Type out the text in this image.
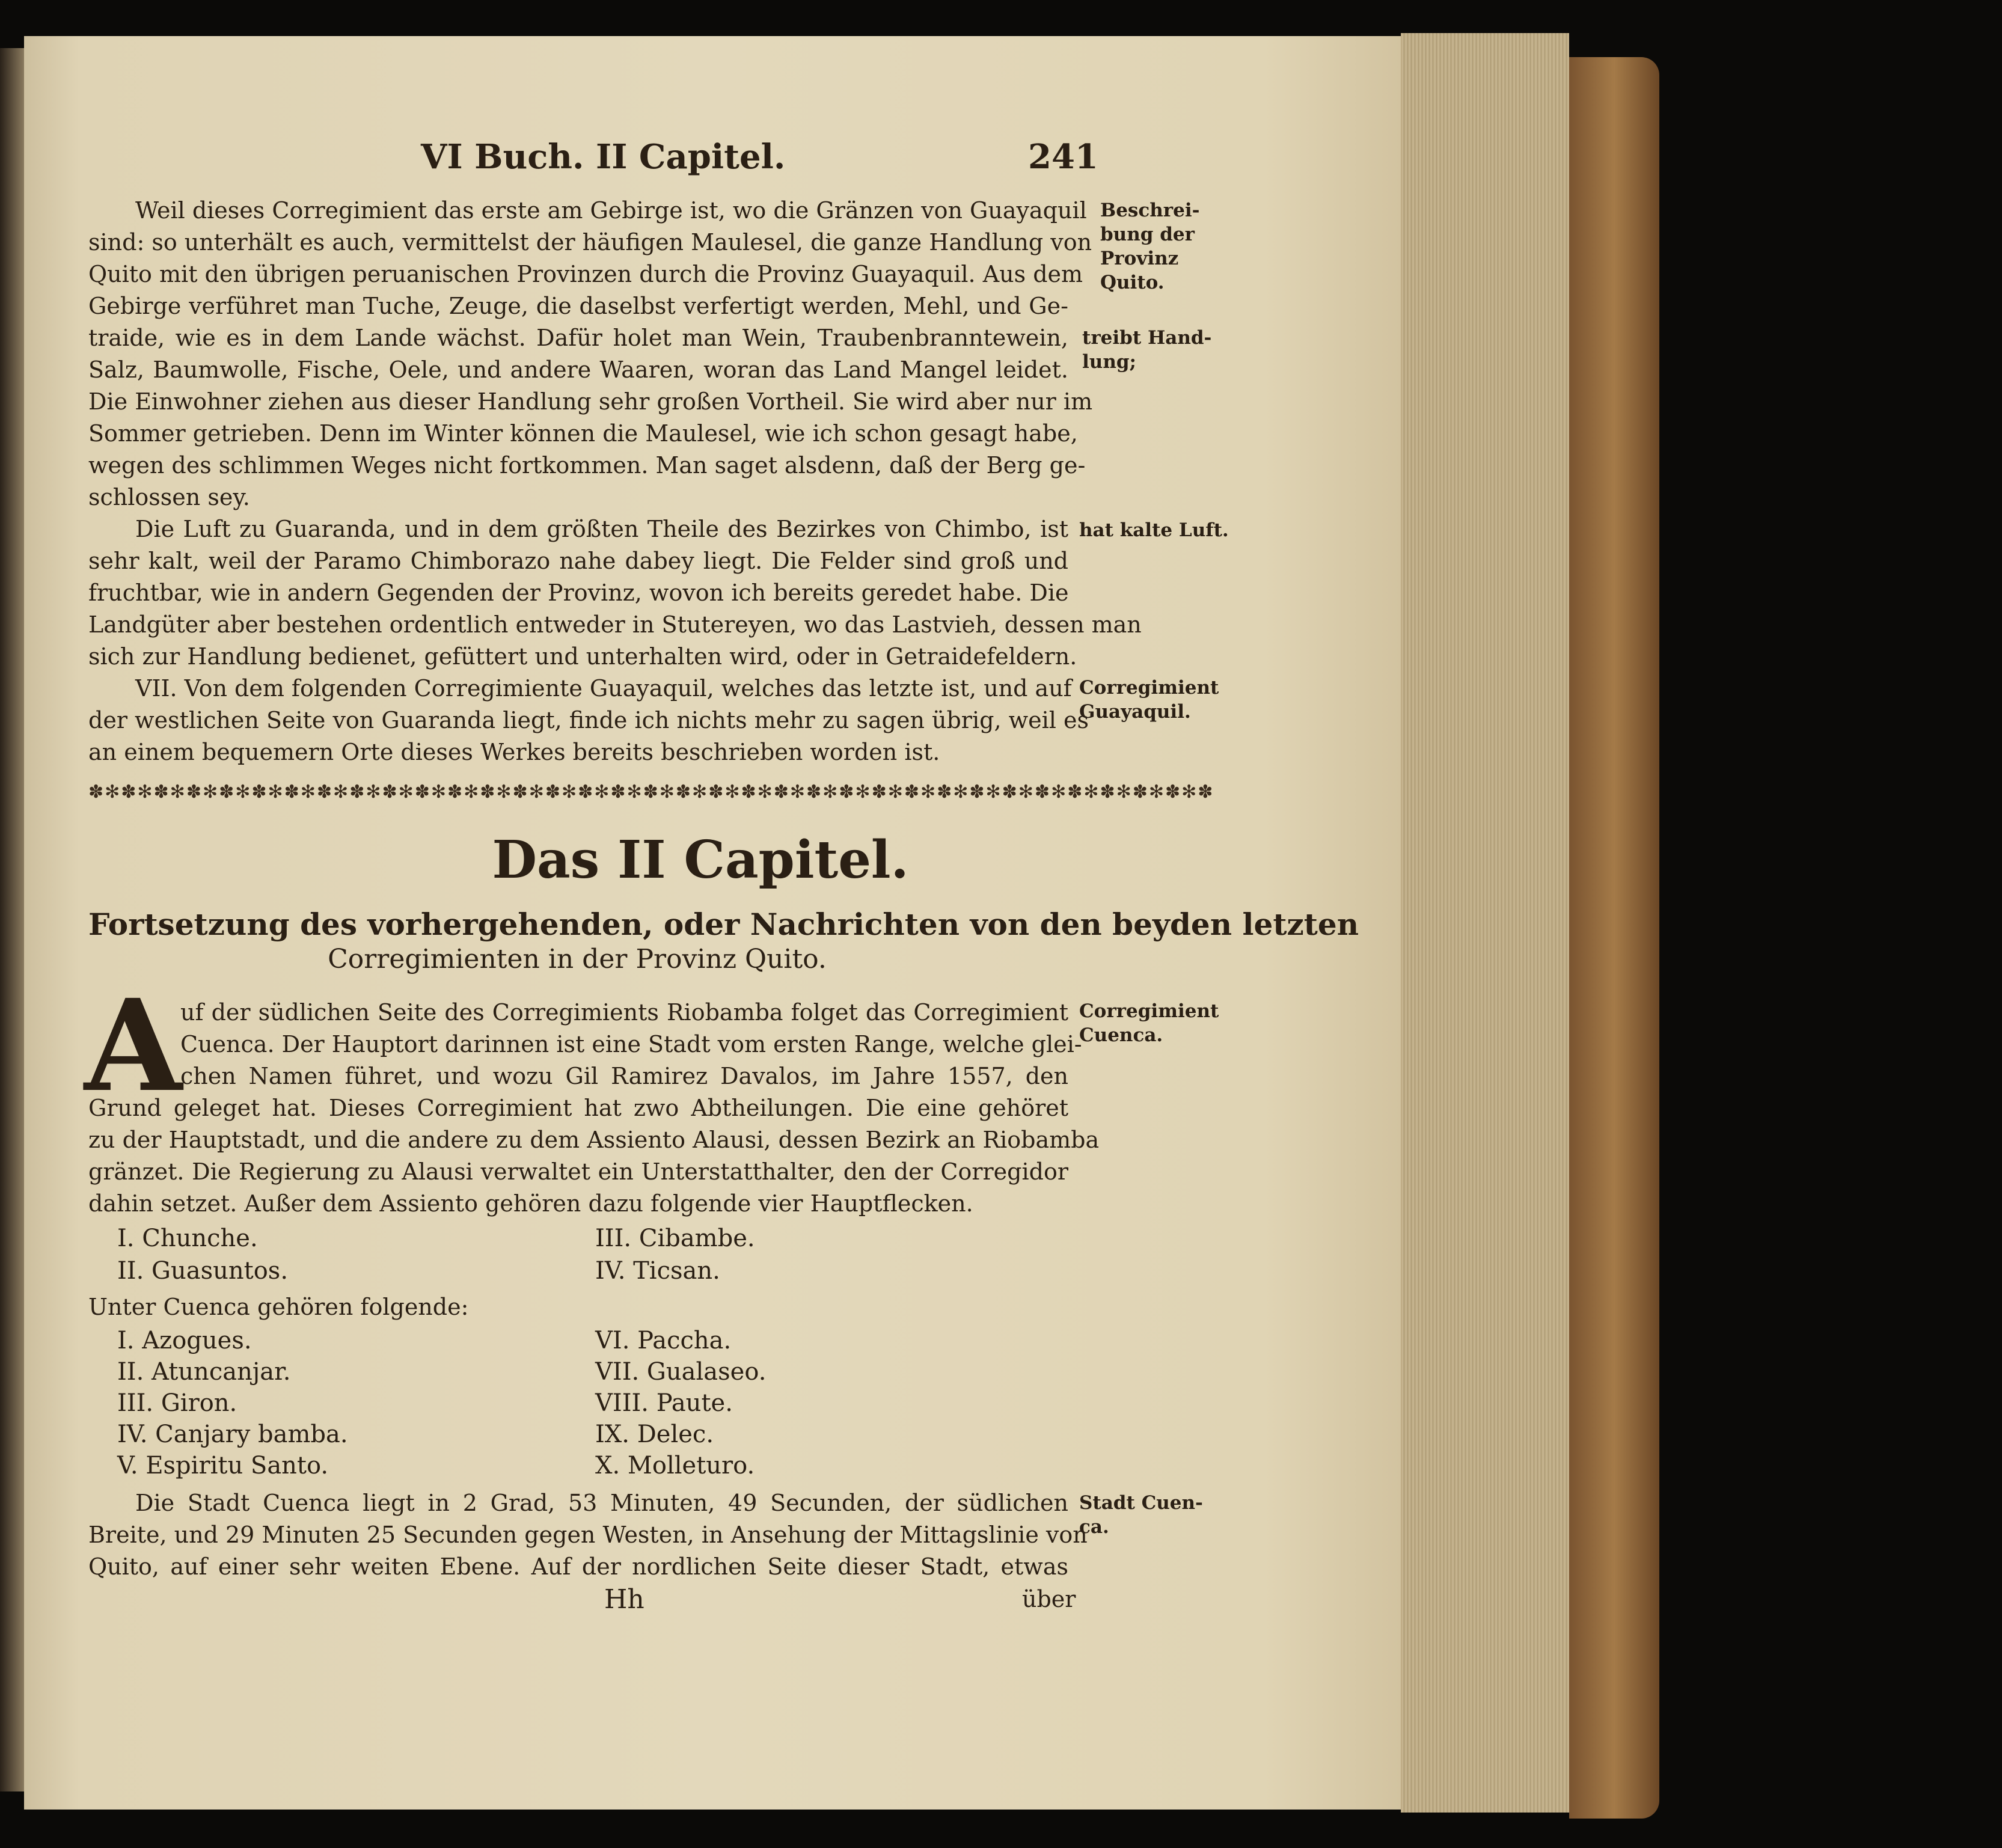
VI Buch. II Capitel.	241
Weil dieses Corregimient das erste am Gebirge ist, wo die Gränzen von Guayaquil
sind: so unterhält es auch, vermittelst der häufigen Maulesel, die ganze Handlung von
Quito mit den übrigen peruanischen Provinzen durch die Provinz Guayaquil. Aus dem
Gebirge verführet man Tuche, Zeuge, die daselbst verfertigt werden, Mehl, und Ge-
traide, wie es in dem Lande wächst. Dafür holet man Wein, Traubenbranntewein,
Salz, Baumwolle, Fische, Oele, und andere Waaren, woran das Land Mangel leidet.
Die Einwohner ziehen aus dieser Handlung sehr großen Vortheil. Sie wird aber nur im
Sommer getrieben. Denn im Winter können die Maulesel, wie ich schon gesagt habe,
wegen des schlimmen Weges nicht fortkommen. Man saget alsdenn, daß der Berg ge-
schlossen sey.
Die Luft zu Guaranda, und in dem größten Theile des Bezirkes von Chimbo, ist
sehr kalt, weil der Paramo Chimborazo nahe dabey liegt. Die Felder sind groß und
fruchtbar, wie in andern Gegenden der Provinz, wovon ich bereits geredet habe. Die
Landgüter aber bestehen ordentlich entweder in Stutereyen, wo das Lastvieh, dessen man
sich zur Handlung bedienet, gefüttert und unterhalten wird, oder in Getraidefeldern.
VII. Von dem folgenden Corregimiente Guayaquil, welches das letzte ist, und auf
der westlichen Seite von Guaranda liegt, finde ich nichts mehr zu sagen übrig, weil es
an einem bequemern Orte dieses Werkes bereits beschrieben worden ist.
Beschrei-
bung der
Provinz
Quito.
treibt Hand-
lung;
hat kalte Luft.
Corregimient
Guayaquil.
Corregimient
Cuenca.
Stadt Cuen-
ca.
✽✻✽✻✽✻✽✻✽✻✽✻✽✻✽✻✽✻✽✻✽✻✽✻✽✻✽✻✽✻✽✻✽✻✽✻✽✻✽✻✽✻✽✻✽✻✽✻✽✻✽✻✽✻✽✻✽✻✽✻✽✻✽✻✽✻✽✻✽
Das II Capitel.
Fortsetzung des vorhergehenden, oder Nachrichten von den beyden letzten
Corregimienten in der Provinz Quito.
A
uf der südlichen Seite des Corregimients Riobamba folget das Corregimient
Cuenca. Der Hauptort darinnen ist eine Stadt vom ersten Range, welche glei-
chen Namen führet, und wozu Gil Ramirez Davalos, im Jahre 1557, den
Grund geleget hat. Dieses Corregimient hat zwo Abtheilungen. Die eine gehöret
zu der Hauptstadt, und die andere zu dem Assiento Alausi, dessen Bezirk an Riobamba
gränzet. Die Regierung zu Alausi verwaltet ein Unterstatthalter, den der Corregidor
dahin setzet. Außer dem Assiento gehören dazu folgende vier Hauptflecken.
I. Chunche.
II. Guasuntos.
III. Cibambe.
IV. Ticsan.
Unter Cuenca gehören folgende:
I. Azogues.
II. Atuncanjar.
III. Giron.
IV. Canjary bamba.
V. Espiritu Santo.
VI. Paccha.
VII. Gualaseo.
VIII. Paute.
IX. Delec.
X. Molleturo.
Die Stadt Cuenca liegt in 2 Grad, 53 Minuten, 49 Secunden, der südlichen
Breite, und 29 Minuten 25 Secunden gegen Westen, in Ansehung der Mittagslinie von
Quito, auf einer sehr weiten Ebene. Auf der nordlichen Seite dieser Stadt, etwas
Hh	über
